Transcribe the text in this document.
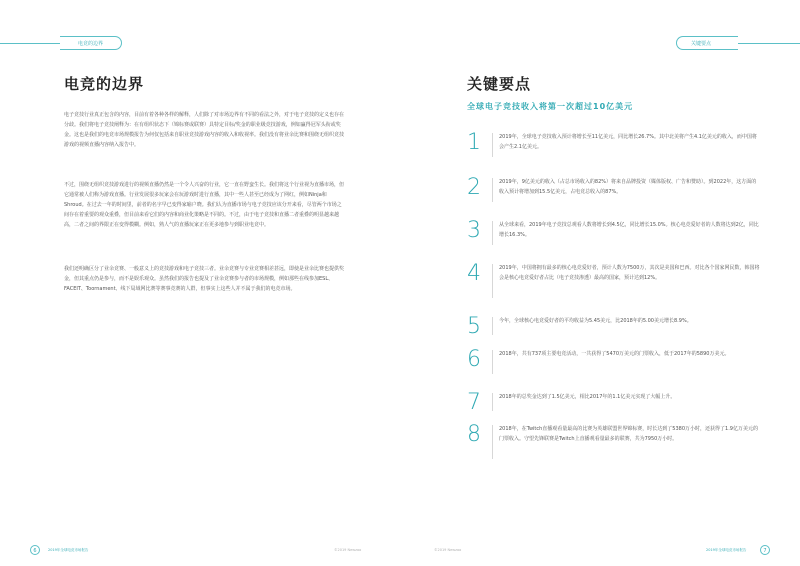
电竞的边界
电竞的边界

电子竞技行业真正包含的内容，目前有着各种各样的解释，人们除了对市场边界有不同的看法之外，对于电子竞技的定义也存在分歧。我们将电子竞技阐释为：在有组织状态下（锦标赛或联赛）具特定目标/奖金的职业级竞技游戏，例如赢得冠军头衔或奖金。这也是我们的电竞市场规模报告为何仅包括来自职业竞技游戏内容的收入和收视率。我们没有将业余比赛和围绕无组织竞技游戏的视频直播内容纳入报告中。

不过，围绕无组织竞技游戏进行的视频直播仍然是一个令人兴奋的行业，它一直在野蛮生长。我们将这个行业视为直播市场，但它通常被人们称为游戏直播。行业发展很多玩家会在玩游戏时进行直播，其中一些人甚至已经成为了网红，例如Ninja和Shroud。在过去一年的时间里，前者的名字早已变得家喻户晓。我们认为直播市场与电子竞技应该分开来看，尽管两个市场之间存在着重要的观众重叠，但目前来看它们的内容和商业化策略是不同的。不过，由于电子竞技和直播二者重叠的明显越来越高，二者之间的界限正在变得模糊。例如，熟人气的直播玩家正在更多地参与到职业电竞中。

我们还明确区分了业余竞赛、一般意义上的竞技游戏和电子竞技三者。业余竞赛与专业竞赛相差甚远，即使是业余比赛也提供奖金，但其重点仍是参与，而不是娱乐观众。虽然我们的报告也提及了业余竞赛参与者的市场规模，例如那些在线参加ESL、FACEIT、Toornament、线下局域网比赛等赛事竞赛的人群，但事实上这些人并不属于我们的电竞市场。

6	2019年全球电竞市场报告	©2019 Newzoo
关键要点
关键要点
全球电子竞技收入将第一次超过10亿美元
1	2019年，全球电子竞技收入预计将增长至11亿美元，同比增长26.7%。其中北美将产生4.1亿美元的收入，而中国将会产生2.1亿美元。
2	2019年，9亿美元的收入（占总市场收入的82%）将来自品牌投资（媒体版权、广告和赞助）。到2022年，这方面的收入预计将增加到15.5亿美元，占电竞总收入的87%。
3	从全球来看，2019年电子竞技总观看人数将增长到4.5亿，同比增长15.0%。核心电竞爱好者的人数将达到2亿，同比增长16.3%。
4	2019年，中国将拥有最多的核心电竞爱好者，预计人数为7500万，其次是美国和巴西。对比各个国家网民数，韩国将会是核心电竞爱好者占比（电子竞技渗透）最高的国家，预计达到12%。
5	今年，全球核心电竞爱好者的平均收益为5.45美元，比2018年的5.00美元增长8.9%。
6	2018年，共有737项主要电竞活动，一共获得了5470万美元的门票收入，低于2017年的5890万美元。
7	2018年的总奖金达到了1.5亿美元，相比2017年的1.1亿美元实现了大幅上升。
8	2018年，在Twitch直播观看量最高的比赛为英雄联盟世界锦标赛，时长达到了5380万小时，还获得了1.9亿万美元的门票收入。守望先锋联赛是Twitch上直播观看量最多的联赛，共为7950万小时。
©2019 Newzoo	2019年全球电竞市场报告	7
